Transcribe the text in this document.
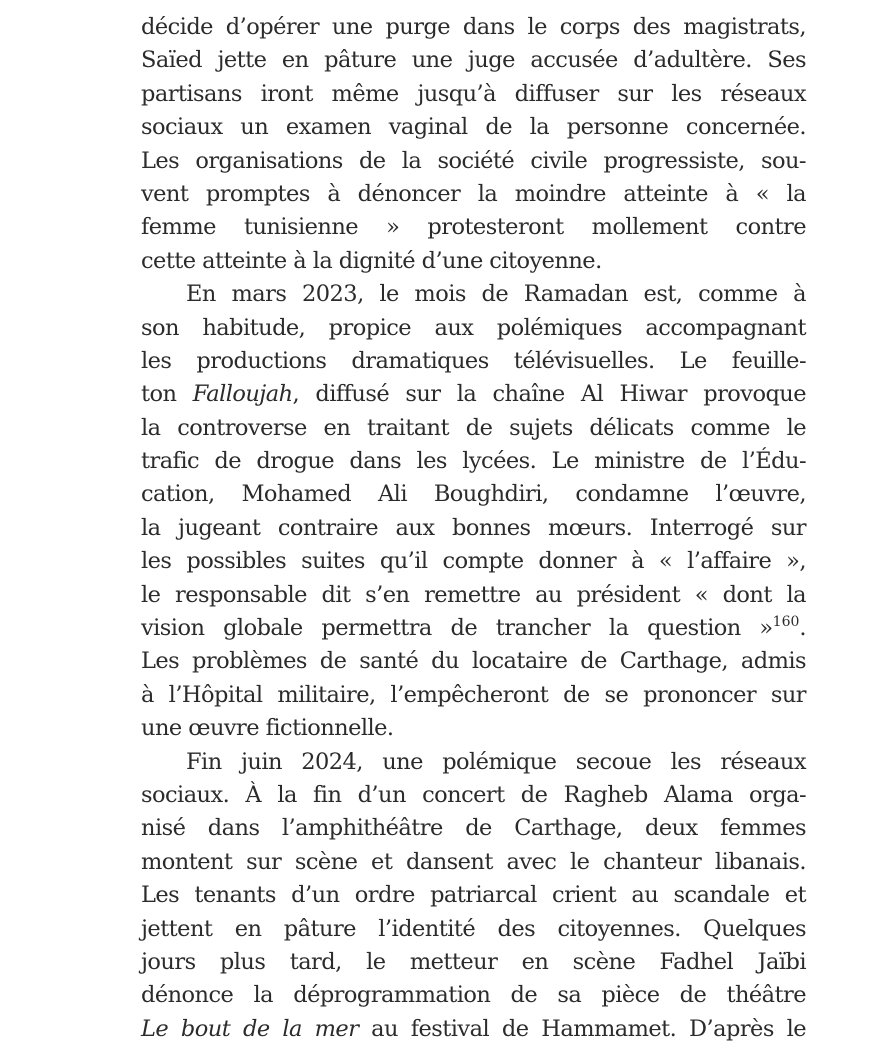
décide d’opérer une purge dans le corps des magistrats,
Saïed jette en pâture une juge accusée d’adultère. Ses
partisans iront même jusqu’à diffuser sur les réseaux
sociaux un examen vaginal de la personne concernée.
Les organisations de la société civile progressiste, sou-
vent promptes à dénoncer la moindre atteinte à « la
femme tunisienne » protesteront mollement contre
cette atteinte à la dignité d’une citoyenne.
En mars 2023, le mois de Ramadan est, comme à
son habitude, propice aux polémiques accompagnant
les productions dramatiques télévisuelles. Le feuille-
ton Falloujah, diffusé sur la chaîne Al Hiwar provoque
la controverse en traitant de sujets délicats comme le
trafic de drogue dans les lycées. Le ministre de l’Édu-
cation, Mohamed Ali Boughdiri, condamne l’œuvre,
la jugeant contraire aux bonnes mœurs. Interrogé sur
les possibles suites qu’il compte donner à « l’affaire »,
le responsable dit s’en remettre au président « dont la
vision globale permettra de trancher la question »$^{160}$.
Les problèmes de santé du locataire de Carthage, admis
à l’Hôpital militaire, l’empêcheront de se prononcer sur
une œuvre fictionnelle.
Fin juin 2024, une polémique secoue les réseaux
sociaux. À la fin d’un concert de Ragheb Alama orga-
nisé dans l’amphithéâtre de Carthage, deux femmes
montent sur scène et dansent avec le chanteur libanais.
Les tenants d’un ordre patriarcal crient au scandale et
jettent en pâture l’identité des citoyennes. Quelques
jours plus tard, le metteur en scène Fadhel Jaïbi
dénonce la déprogrammation de sa pièce de théâtre
Le bout de la mer au festival de Hammamet. D’après le
